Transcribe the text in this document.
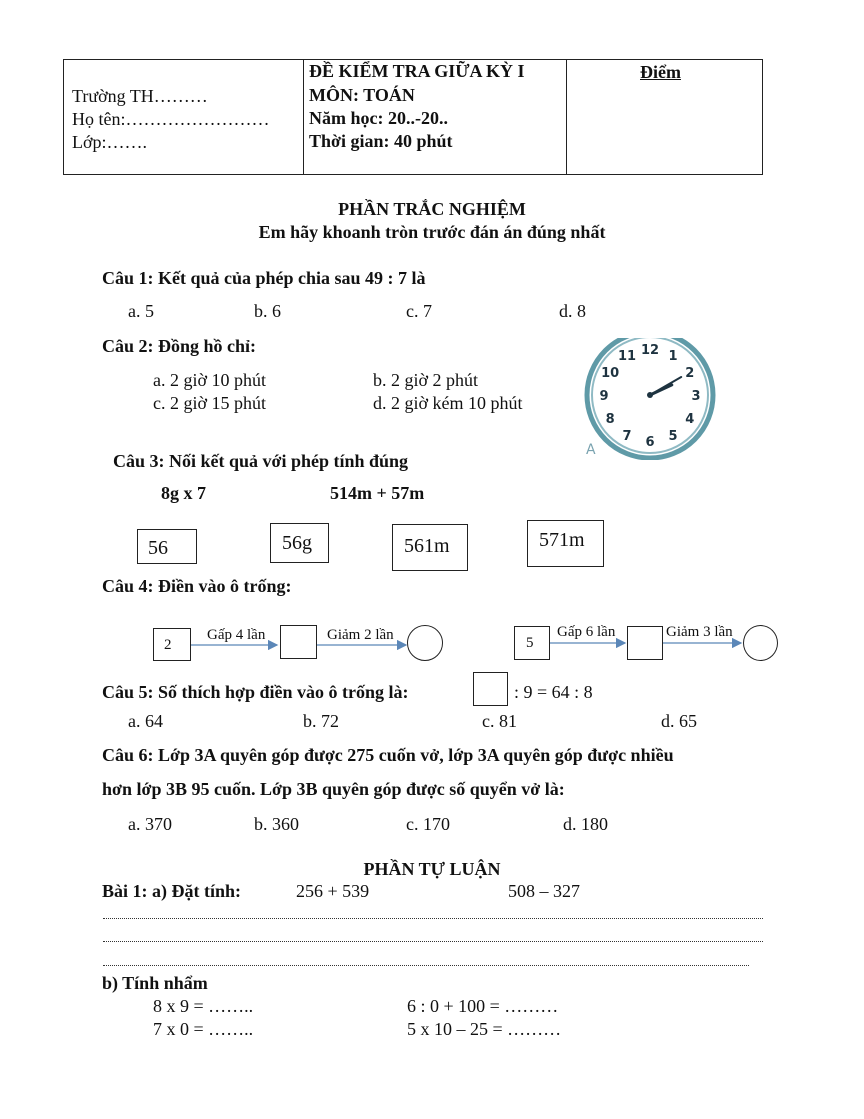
Trường TH………
Họ tên:……………………
Lớp:…….
ĐỀ KIỂM TRA GIỮA KỲ I
MÔN: TOÁN
Năm học: 20..-20..
Thời gian: 40 phút
Điểm
PHẦN TRẮC NGHIỆM
Em hãy khoanh tròn trước đán án đúng nhất
Câu 1: Kết quả của phép chia sau 49 : 7 là
a. 5	b. 6	c. 7	d. 8
Câu 2: Đồng hồ chỉ:
a. 2 giờ 10 phút	b. 2 giờ 2 phút
c. 2 giờ 15 phút	d. 2 giờ kém 10 phút
12 1
2
3
4
5
6
7
8
9
10
11
A
Câu 3: Nối kết quả với phép tính đúng
8g x 7	514m + 57m
56	56g	561m	571m
Câu 4: Điền vào ô trống:
2
Gấp 4 lần	Giảm 2 lần	5
Gấp 6 lần	Giảm 3 lần
Câu 5: Số thích hợp điền vào ô trống là:	: 9 = 64 : 8
a. 64	b. 72	c. 81	d. 65
Câu 6: Lớp 3A quyên góp được 275 cuốn vở, lớp 3A quyên góp được nhiều
hơn lớp 3B 95 cuốn. Lớp 3B quyên góp được số quyển vở là:
a. 370	b. 360	c. 170	d. 180
PHẦN TỰ LUẬN
Bài 1: a) Đặt tính:	256 + 539	508 – 327
b) Tính nhẩm
8 x 9 = ……..	6 : 0 + 100 = ………
7 x 0 = ……..	5 x 10 – 25 = ………
